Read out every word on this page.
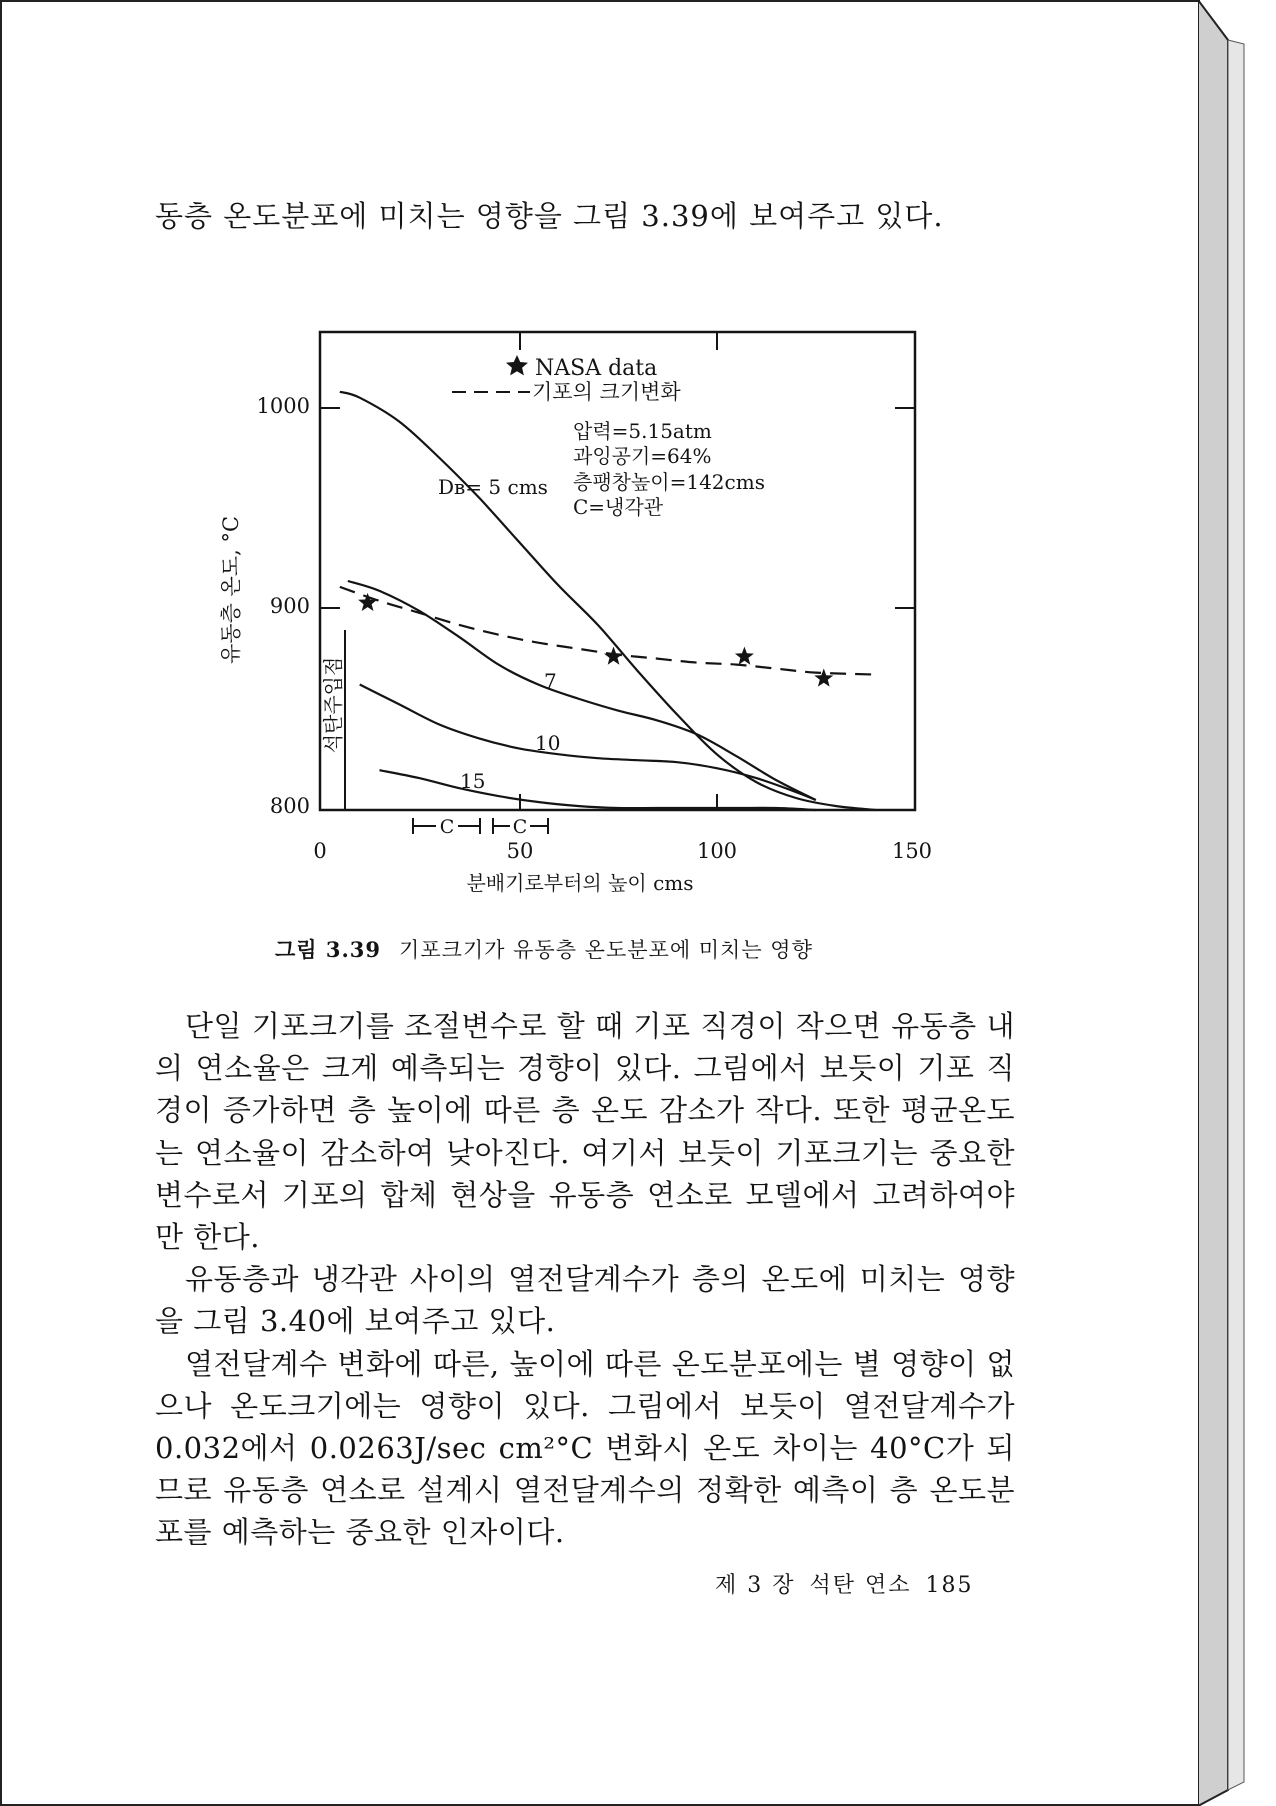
동층 온도분포에 미치는 영향을 그림 3.39에 보여주고 있다.
1000
900
800
0	50	100	150
분배기로부터의 높이 cms
유동층 온도, °C
NASA data
기포의 크기변화
압력=5.15atm
과잉공기=64%
층팽창높이=142cms
C=냉각관
Dʙ= 5 cms
7
10
15
석탄주입점
C	C
그림 3.39 기포크기가 유동층 온도분포에 미치는 영향

단일 기포크기를 조절변수로 할 때 기포 직경이 작으면 유동층 내의 연소율은 크게 예측되는 경향이 있다. 그림에서 보듯이 기포 직경이 증가하면 층 높이에 따른 층 온도 감소가 작다. 또한 평균온도는 연소율이 감소하여 낮아진다. 여기서 보듯이 기포크기는 중요한 변수로서 기포의 합체 현상을 유동층 연소로 모델에서 고려하여야만 한다.

유동층과 냉각관 사이의 열전달계수가 층의 온도에 미치는 영향을 그림 3.40에 보여주고 있다.

열전달계수 변화에 따른, 높이에 따른 온도분포에는 별 영향이 없으나 온도크기에는 영향이 있다. 그림에서 보듯이 열전달계수가 0.032에서 0.0263J/sec cm²°C 변화시 온도 차이는 40°C가 되므로 유동층 연소로 설계시 열전달계수의 정확한 예측이 층 온도분포를 예측하는 중요한 인자이다.

제 3 장 석탄 연소 185
